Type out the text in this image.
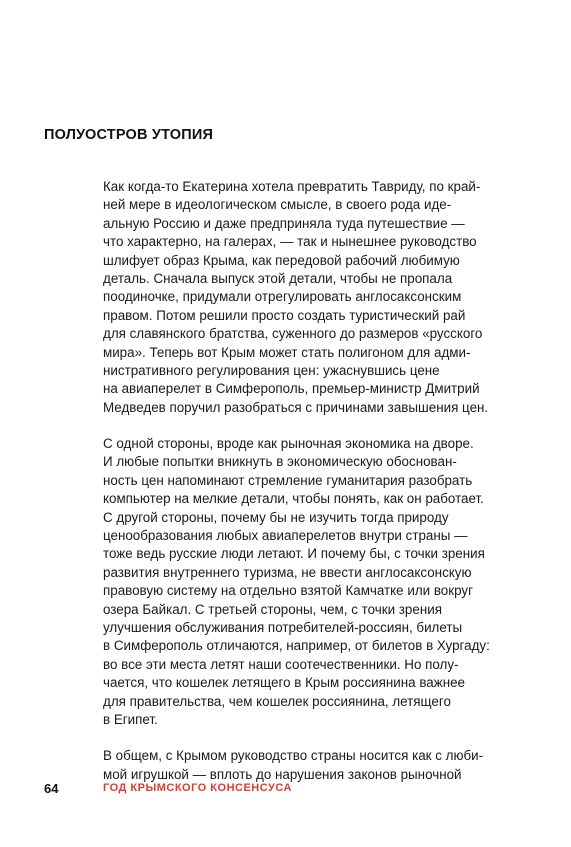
ПОЛУОСТРОВ УТОПИЯ
Как когда-то Екатерина хотела превратить Тавриду, по край-
ней мере в идеологическом смысле, в своего рода иде-
альную Россию и даже предприняла туда путешествие —
что характерно, на галерах, — так и нынешнее руководство
шлифует образ Крыма, как передовой рабочий любимую
деталь. Сначала выпуск этой детали, чтобы не пропала
поодиночке, придумали отрегулировать англосаксонским
правом. Потом решили просто создать туристический рай
для славянского братства, суженного до размеров «русского
мира». Теперь вот Крым может стать полигоном для адми-
нистративного регулирования цен: ужаснувшись цене
на авиаперелет в Симферополь, премьер-министр Дмитрий
Медведев поручил разобраться с причинами завышения цен.
С одной стороны, вроде как рыночная экономика на дворе.
И любые попытки вникнуть в экономическую обоснован-
ность цен напоминают стремление гуманитария разобрать
компьютер на мелкие детали, чтобы понять, как он работает.
С другой стороны, почему бы не изучить тогда природу
ценообразования любых авиаперелетов внутри страны —
тоже ведь русские люди летают. И почему бы, с точки зрения
развития внутреннего туризма, не ввести англосаксонскую
правовую систему на отдельно взятой Камчатке или вокруг
озера Байкал. С третьей стороны, чем, с точки зрения
улучшения обслуживания потребителей-россиян, билеты
в Симферополь отличаются, например, от билетов в Хургаду:
во все эти места летят наши соотечественники. Но полу-
чается, что кошелек летящего в Крым россиянина важнее
для правительства, чем кошелек россиянина, летящего
в Египет.
В общем, с Крымом руководство страны носится как с люби-
мой игрушкой — вплоть до нарушения законов рыночной
64	ГОД КРЫМСКОГО КОНСЕНСУСА
